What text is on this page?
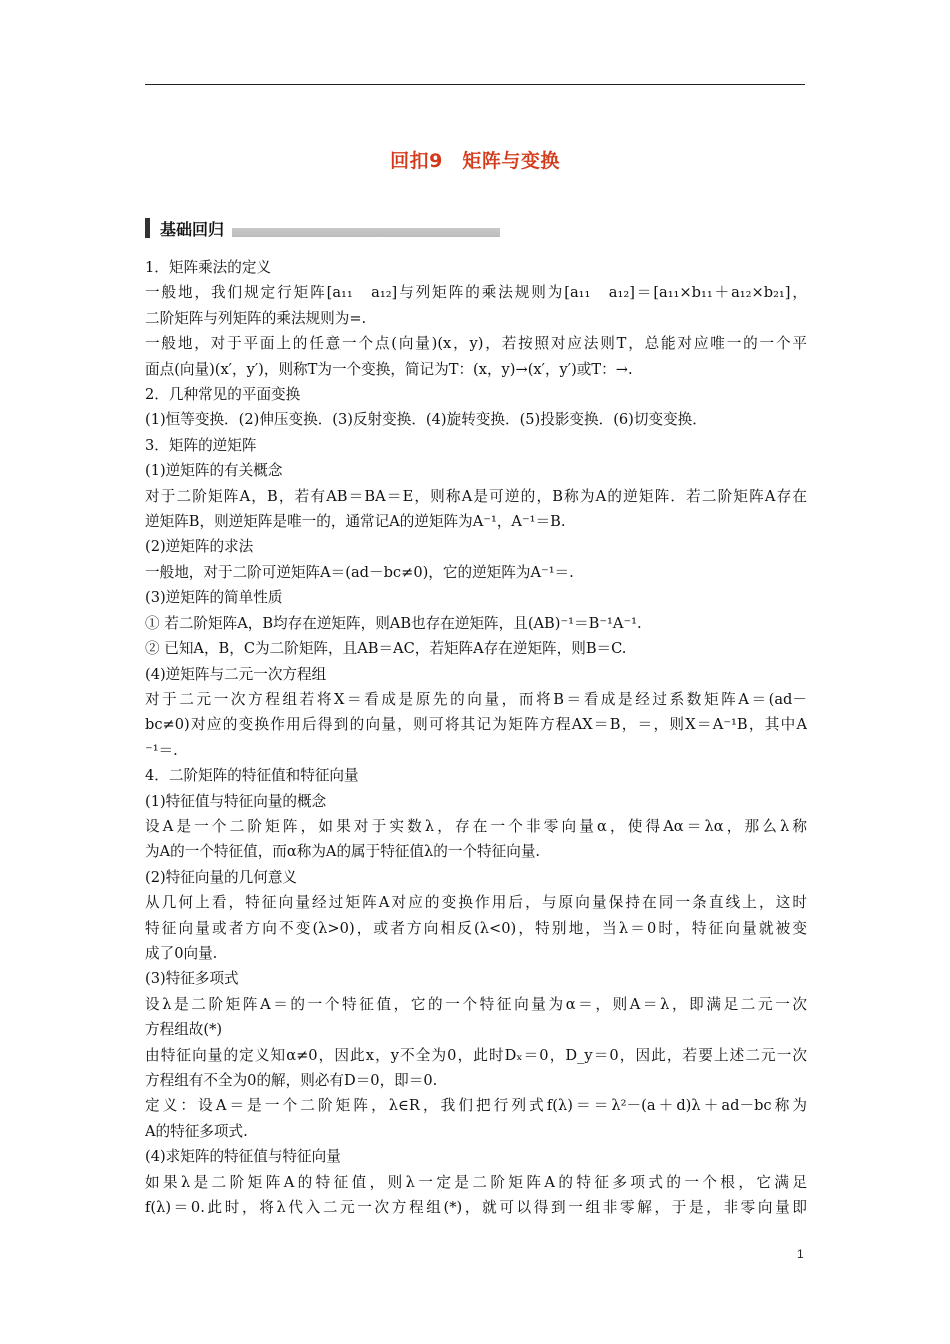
回扣9　矩阵与变换
基础回归
1．矩阵乘法的定义
一般地，我们规定行矩阵[a₁₁　a₁₂]与列矩阵的乘法规则为[a₁₁　a₁₂]＝[a₁₁×b₁₁＋a₁₂×b₂₁]，
二阶矩阵与列矩阵的乘法规则为=.
一般地，对于平面上的任意一个点(向量)(x，y)，若按照对应法则T，总能对应唯一的一个平
面点(向量)(x′，y′)，则称T为一个变换，简记为T：(x，y)→(x′，y′)或T：→.
2．几种常见的平面变换
(1)恒等变换．(2)伸压变换．(3)反射变换．(4)旋转变换．(5)投影变换．(6)切变变换．
3．矩阵的逆矩阵
(1)逆矩阵的有关概念
对于二阶矩阵A，B，若有AB＝BA＝E，则称A是可逆的，B称为A的逆矩阵．若二阶矩阵A存在
逆矩阵B，则逆矩阵是唯一的，通常记A的逆矩阵为A⁻¹，A⁻¹＝B.
(2)逆矩阵的求法
一般地，对于二阶可逆矩阵A＝(ad－bc≠0)，它的逆矩阵为A⁻¹＝.
(3)逆矩阵的简单性质
① 若二阶矩阵A，B均存在逆矩阵，则AB也存在逆矩阵，且(AB)⁻¹＝B⁻¹A⁻¹.
② 已知A，B，C为二阶矩阵，且AB＝AC，若矩阵A存在逆矩阵，则B＝C.
(4)逆矩阵与二元一次方程组
对于二元一次方程组若将X＝看成是原先的向量，而将B＝看成是经过系数矩阵A＝(ad－
bc≠0)对应的变换作用后得到的向量，则可将其记为矩阵方程AX＝B，＝，则X＝A⁻¹B，其中A
⁻¹＝.
4．二阶矩阵的特征值和特征向量
(1)特征值与特征向量的概念
设A是一个二阶矩阵，如果对于实数λ，存在一个非零向量α，使得Aα＝λα，那么λ称
为A的一个特征值，而α称为A的属于特征值λ的一个特征向量.
(2)特征向量的几何意义
从几何上看，特征向量经过矩阵A对应的变换作用后，与原向量保持在同一条直线上，这时
特征向量或者方向不变(λ>0)，或者方向相反(λ<0)，特别地，当λ＝0时，特征向量就被变
成了0向量.
(3)特征多项式
设λ是二阶矩阵A＝的一个特征值，它的一个特征向量为α＝，则A＝λ，即满足二元一次
方程组故(*)
由特征向量的定义知α≠0，因此x，y不全为0，此时Dₓ＝0，D_y＝0，因此，若要上述二元一次
方程组有不全为0的解，则必有D＝0，即＝0.
定义：设A＝是一个二阶矩阵，λ∈R，我们把行列式f(λ)＝＝λ²－(a＋d)λ＋ad－bc称为
A的特征多项式.
(4)求矩阵的特征值与特征向量
如果λ是二阶矩阵A的特征值，则λ一定是二阶矩阵A的特征多项式的一个根，它满足
f(λ)＝0.此时，将λ代入二元一次方程组(*)，就可以得到一组非零解，于是，非零向量即
1
